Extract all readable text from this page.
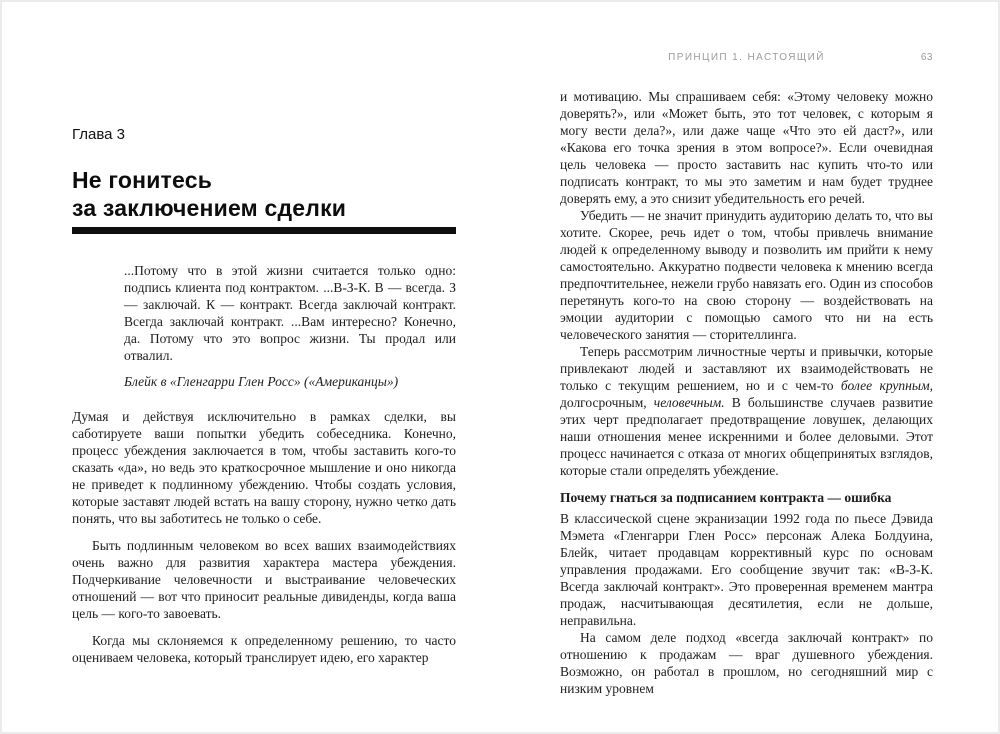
Глава 3
Не гонитесь
за заключением сделки
...Потому что в этой жизни считается только одно: подпись клиента под контрактом. ...В-З-К. В — всегда. З — заключай. К — контракт. Всегда заключай контракт. Всегда заключай контракт. ...Вам интересно? Конечно, да. Потому что это вопрос жизни. Ты продал или отвалил.
Блейк в «Гленгарри Глен Росс» («Американцы»)

Думая и действуя исключительно в рамках сделки, вы саботируете ваши попытки убедить собеседника. Конечно, процесс убеждения заключается в том, чтобы заставить кого-то сказать «да», но ведь это краткосрочное мышление и оно никогда не приведет к подлинному убеждению. Чтобы создать условия, которые заставят людей встать на вашу сторону, нужно четко дать понять, что вы заботитесь не только о себе.

Быть подлинным человеком во всех ваших взаимодействиях очень важно для развития характера мастера убеждения. Подчеркивание человечности и выстраивание человеческих отношений — вот что приносит реальные дивиденды, когда ваша цель — кого-то завоевать.

Когда мы склоняемся к определенному решению, то часто оцениваем человека, который транслирует идею, его характер

ПРИНЦИП 1. НАСТОЯЩИЙ	63

и мотивацию. Мы спрашиваем себя: «Этому человеку можно доверять?», или «Может быть, это тот человек, с которым я могу вести дела?», или даже чаще «Что это ей даст?», или «Какова его точка зрения в этом вопросе?». Если очевидная цель человека — просто заставить нас купить что-то или подписать контракт, то мы это заметим и нам будет труднее доверять ему, а это снизит убедительность его речей.

Убедить — не значит принудить аудиторию делать то, что вы хотите. Скорее, речь идет о том, чтобы привлечь внимание людей к определенному выводу и позволить им прийти к нему самостоятельно. Аккуратно подвести человека к мнению всегда предпочтительнее, нежели грубо навязать его. Один из способов перетянуть кого-то на свою сторону — воздействовать на эмоции аудитории с помощью самого что ни на есть человеческого занятия — сторителлинга.

Теперь рассмотрим личностные черты и привычки, которые привлекают людей и заставляют их взаимодействовать не только с текущим решением, но и с чем-то более крупным, долгосрочным, человечным. В большинстве случаев развитие этих черт предполагает предотвращение ловушек, делающих наши отношения менее искренними и более деловыми. Этот процесс начинается с отказа от многих общепринятых взглядов, которые стали определять убеждение.

Почему гнаться за подписанием контракта — ошибка

В классической сцене экранизации 1992 года по пьесе Дэвида Мэмета «Гленгарри Глен Росс» персонаж Алека Болдуина, Блейк, читает продавцам коррективный курс по основам управления продажами. Его сообщение звучит так: «В-З-К. Всегда заключай контракт». Это проверенная временем мантра продаж, насчитывающая десятилетия, если не дольше, неправильна.

На самом деле подход «всегда заключай контракт» по отношению к продажам — враг душевного убеждения. Возможно, он работал в прошлом, но сегодняшний мир с низким уровнем
